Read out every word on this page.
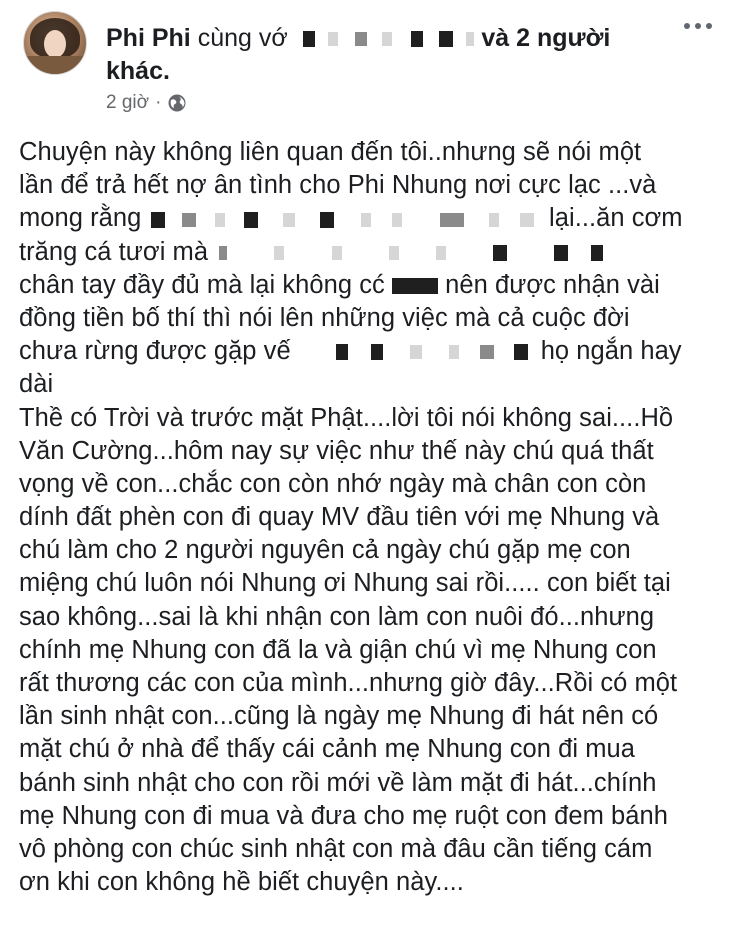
Phi Phi cùng vớ	và 2 người
khác.
2 giờ ·
Chuyện này không liên quan đến tôi..nhưng sẽ nói một
lần để trả hết nợ ân tình cho Phi Nhung nơi cực lạc ...và
mong rằng	lại...ăn cơm
trăng cá tươi mà
chân tay đầy đủ mà lại không cć nên được nhận vài
đồng tiền bố thí thì nói lên những việc mà cả cuộc đời
chưa rừng được gặp vế	họ ngắn hay
dài
Thề có Trời và trước mặt Phật....lời tôi nói không sai....Hồ
Văn Cường...hôm nay sự việc như thế này chú quá thất
vọng về con...chắc con còn nhớ ngày mà chân con còn
dính đất phèn con đi quay MV đầu tiên với mẹ Nhung và
chú làm cho 2 người nguyên cả ngày chú gặp mẹ con
miệng chú luôn nói Nhung ơi Nhung sai rồi..... con biết tại
sao không...sai là khi nhận con làm con nuôi đó...nhưng
chính mẹ Nhung con đã la và giận chú vì mẹ Nhung con
rất thương các con của mình...nhưng giờ đây...Rồi có một
lần sinh nhật con...cũng là ngày mẹ Nhung đi hát nên có
mặt chú ở nhà để thấy cái cảnh mẹ Nhung con đi mua
bánh sinh nhật cho con rồi mới về làm mặt đi hát...chính
mẹ Nhung con đi mua và đưa cho mẹ ruột con đem bánh
vô phòng con chúc sinh nhật con mà đâu cần tiếng cám
ơn khi con không hề biết chuyện này....
